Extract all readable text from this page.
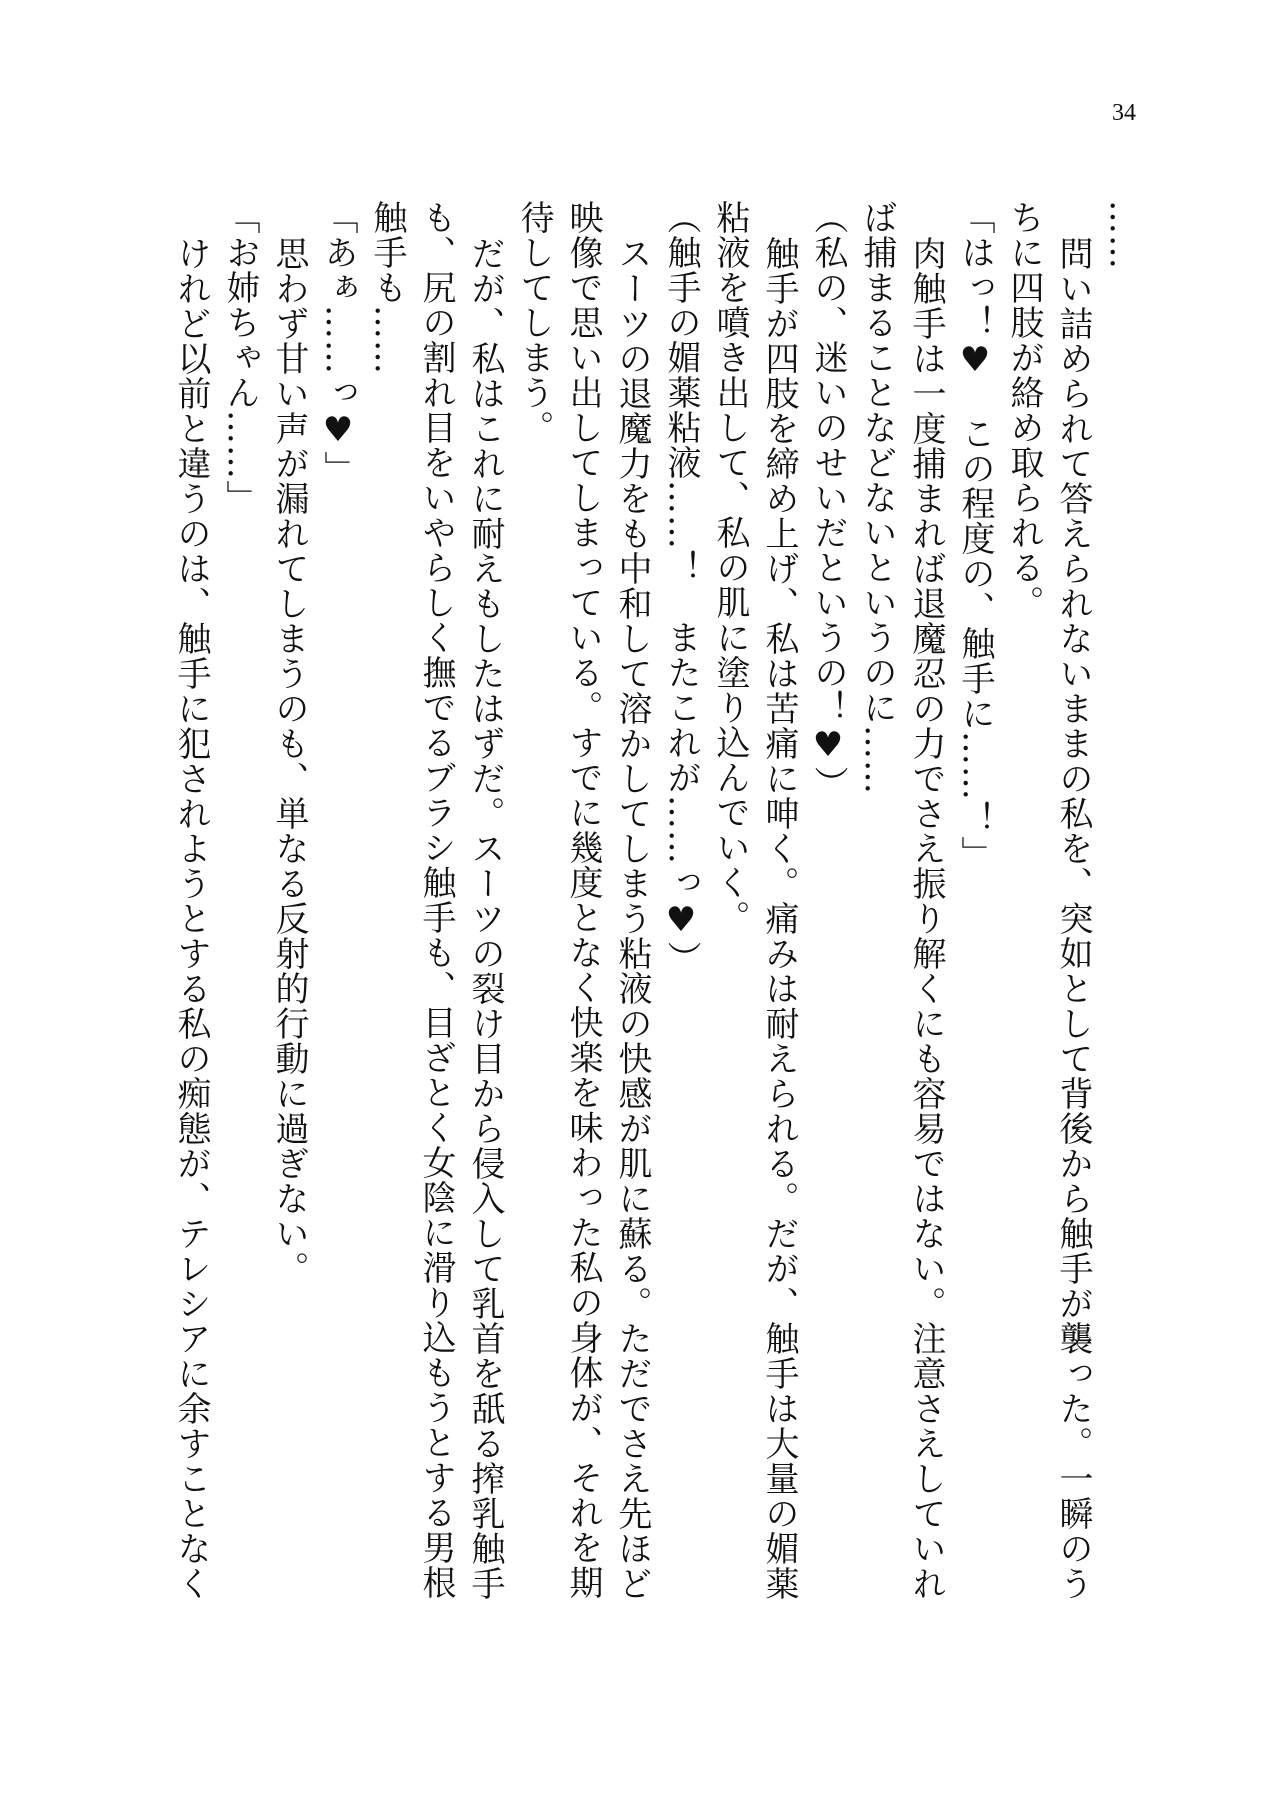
34
……
問い詰められて答えられないままの私を、突如として背後から触手が襲った。一瞬のう
ちに四肢が絡め取られる。
「はっ！♥　この程度の、触手に……！」
肉触手は一度捕まれば退魔忍の力でさえ振り解くにも容易ではない。注意さえしていれ
ば捕まることなどないというのに……
（私の、迷いのせいだというの！♥）
触手が四肢を締め上げ、私は苦痛に呻く。痛みは耐えられる。だが、触手は大量の媚薬
粘液を噴き出して、私の肌に塗り込んでいく。
（触手の媚薬粘液……！　またこれが……っ♥）
スーツの退魔力をも中和して溶かしてしまう粘液の快感が肌に蘇る。ただでさえ先ほど
映像で思い出してしまっている。すでに幾度となく快楽を味わった私の身体が、それを期
待してしまう。
だが、私はこれに耐えもしたはずだ。スーツの裂け目から侵入して乳首を舐る搾乳触手
も、尻の割れ目をいやらしく撫でるブラシ触手も、目ざとく女陰に滑り込もうとする男根
触手も……
「あぁ……っ♥」
思わず甘い声が漏れてしまうのも、単なる反射的行動に過ぎない。
「お姉ちゃん……」
けれど以前と違うのは、触手に犯されようとする私の痴態が、テレシアに余すことなく
